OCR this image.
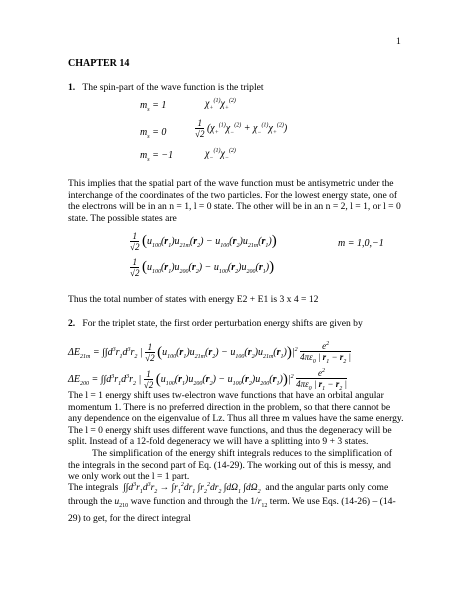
1
CHAPTER 14
1. The spin-part of the wave function is the triplet
$m_s = 1$	$\chi_+^{(1)}\chi_+^{(2)}$
$m_s = 0$	$\frac{1}{√2} (\chi_+^{(1)}\chi_-^{(2)} + \chi_-^{(1)}\chi_+^{(2)})$
$m_s = -1$	$\chi_-^{(1)}\chi_-^{(2)}$
This implies that the spatial part of the wave function must be antisymetric under the interchange of the coordinates of the two particles. For the lowest energy state, one of the electrons will be in an n = 1, l = 0 state. The other will be in an n = 2, l = 1, or l = 0 state. The possible states are
$\frac{1}{√2} (u_{100}(r_1)u_{21m}(r_2) - u_{100}(r_2)u_{21m}(r_1))$	m = 1,0,−1
$\frac{1}{√2} (u_{100}(r_1)u_{200}(r_2) - u_{100}(r_2)u_{200}(r_1))$
Thus the total number of states with energy E2 + E1 is 3 x 4 = 12
2. For the triplet state, the first order perturbation energy shifts are given by
$\Delta E_{21m} = \int\int d^3r_1d^3r_2$ | $\frac{1}{√2} (u_{100}(r_1)u_{21m}(r_2) - u_{100}(r_2)u_{21m}(r_1))|^2 \frac{e^2}{4\pi\varepsilon_0 | r_1 - r_2 |}$
$\Delta E_{200} = \int\int d^3r_1d^3r_2$ | $\frac{1}{√2} (u_{100}(r_1)u_{200}(r_2) - u_{100}(r_2)u_{200}(r_1))|^2 \frac{e^2}{4\pi\varepsilon_0 | r_1 - r_2 |}$
The l = 1 energy shift uses tw-electron wave functions that have an orbital angular momentum 1. There is no preferred direction in the problem, so that there cannot be any dependence on the eigenvalue of Lz. Thus all three m values have the same energy. The l = 0 energy shift uses different wave functions, and thus the degeneracy will be split. Instead of a 12-fold degeneracy we will have a splitting into 9 + 3 states.
The simplification of the energy shift integrals reduces to the simplification of the integrals in the second part of Eq. (14-29). The working out of this is messy, and we only work out the l = 1 part.
The integrals  $\int\int d^3r_1d^3r_2 \to \int r_1^2dr_1$ $\int r_2^2dr_2$ $\int d\Omega_1$ $\int d\Omega_2$ and the angular parts only come
through the $u_{210}$ wave function and through the $1/r_{12}$ term. We use Eqs. (14-26) – (14-29) to get, for the direct integral
